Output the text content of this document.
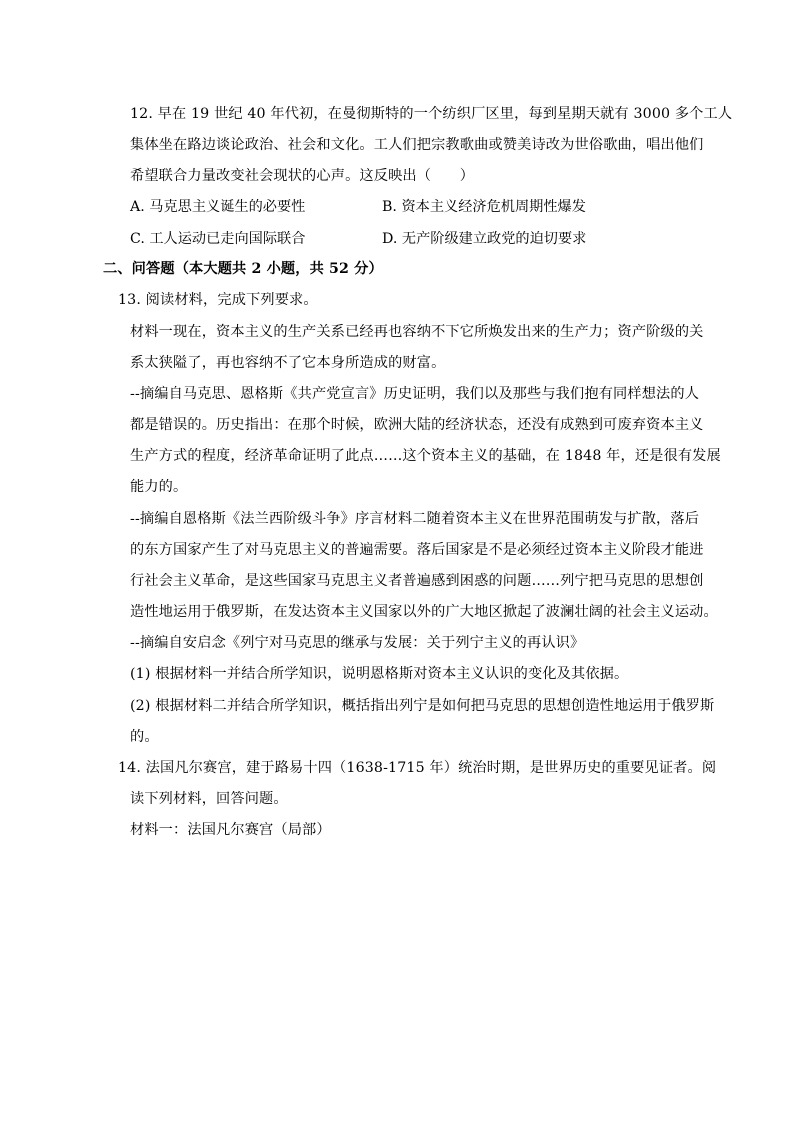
12. 早在 19 世纪 40 年代初，在曼彻斯特的一个纺织厂区里，每到星期天就有 3000 多个工人
集体坐在路边谈论政治、社会和文化。工人们把宗教歌曲或赞美诗改为世俗歌曲，唱出他们
希望联合力量改变社会现状的心声。这反映出（　　）
A. 马克思主义诞生的必要性	B. 资本主义经济危机周期性爆发
C. 工人运动已走向国际联合	D. 无产阶级建立政党的迫切要求
二、问答题（本大题共 2 小题，共 52 分）
13. 阅读材料，完成下列要求。
材料一现在，资本主义的生产关系已经再也容纳不下它所焕发出来的生产力；资产阶级的关
系太狭隘了，再也容纳不了它本身所造成的财富。
--摘编自马克思、恩格斯《共产党宣言》历史证明，我们以及那些与我们抱有同样想法的人
都是错误的。历史指出：在那个时候，欧洲大陆的经济状态，还没有成熟到可废弃资本主义
生产方式的程度，经济革命证明了此点……这个资本主义的基础，在 1848 年，还是很有发展
能力的。
--摘编自恩格斯《法兰西阶级斗争》序言材料二随着资本主义在世界范围萌发与扩散，落后
的东方国家产生了对马克思主义的普遍需要。落后国家是不是必须经过资本主义阶段才能进
行社会主义革命，是这些国家马克思主义者普遍感到困惑的问题……列宁把马克思的思想创
造性地运用于俄罗斯，在发达资本主义国家以外的广大地区掀起了波澜壮阔的社会主义运动。
--摘编自安启念《列宁对马克思的继承与发展：关于列宁主义的再认识》
(1) 根据材料一并结合所学知识，说明恩格斯对资本主义认识的变化及其依据。
(2) 根据材料二并结合所学知识，概括指出列宁是如何把马克思的思想创造性地运用于俄罗斯
的。
14. 法国凡尔赛宫，建于路易十四（1638-1715 年）统治时期，是世界历史的重要见证者。阅
读下列材料，回答问题。
材料一：法国凡尔赛宫（局部）
